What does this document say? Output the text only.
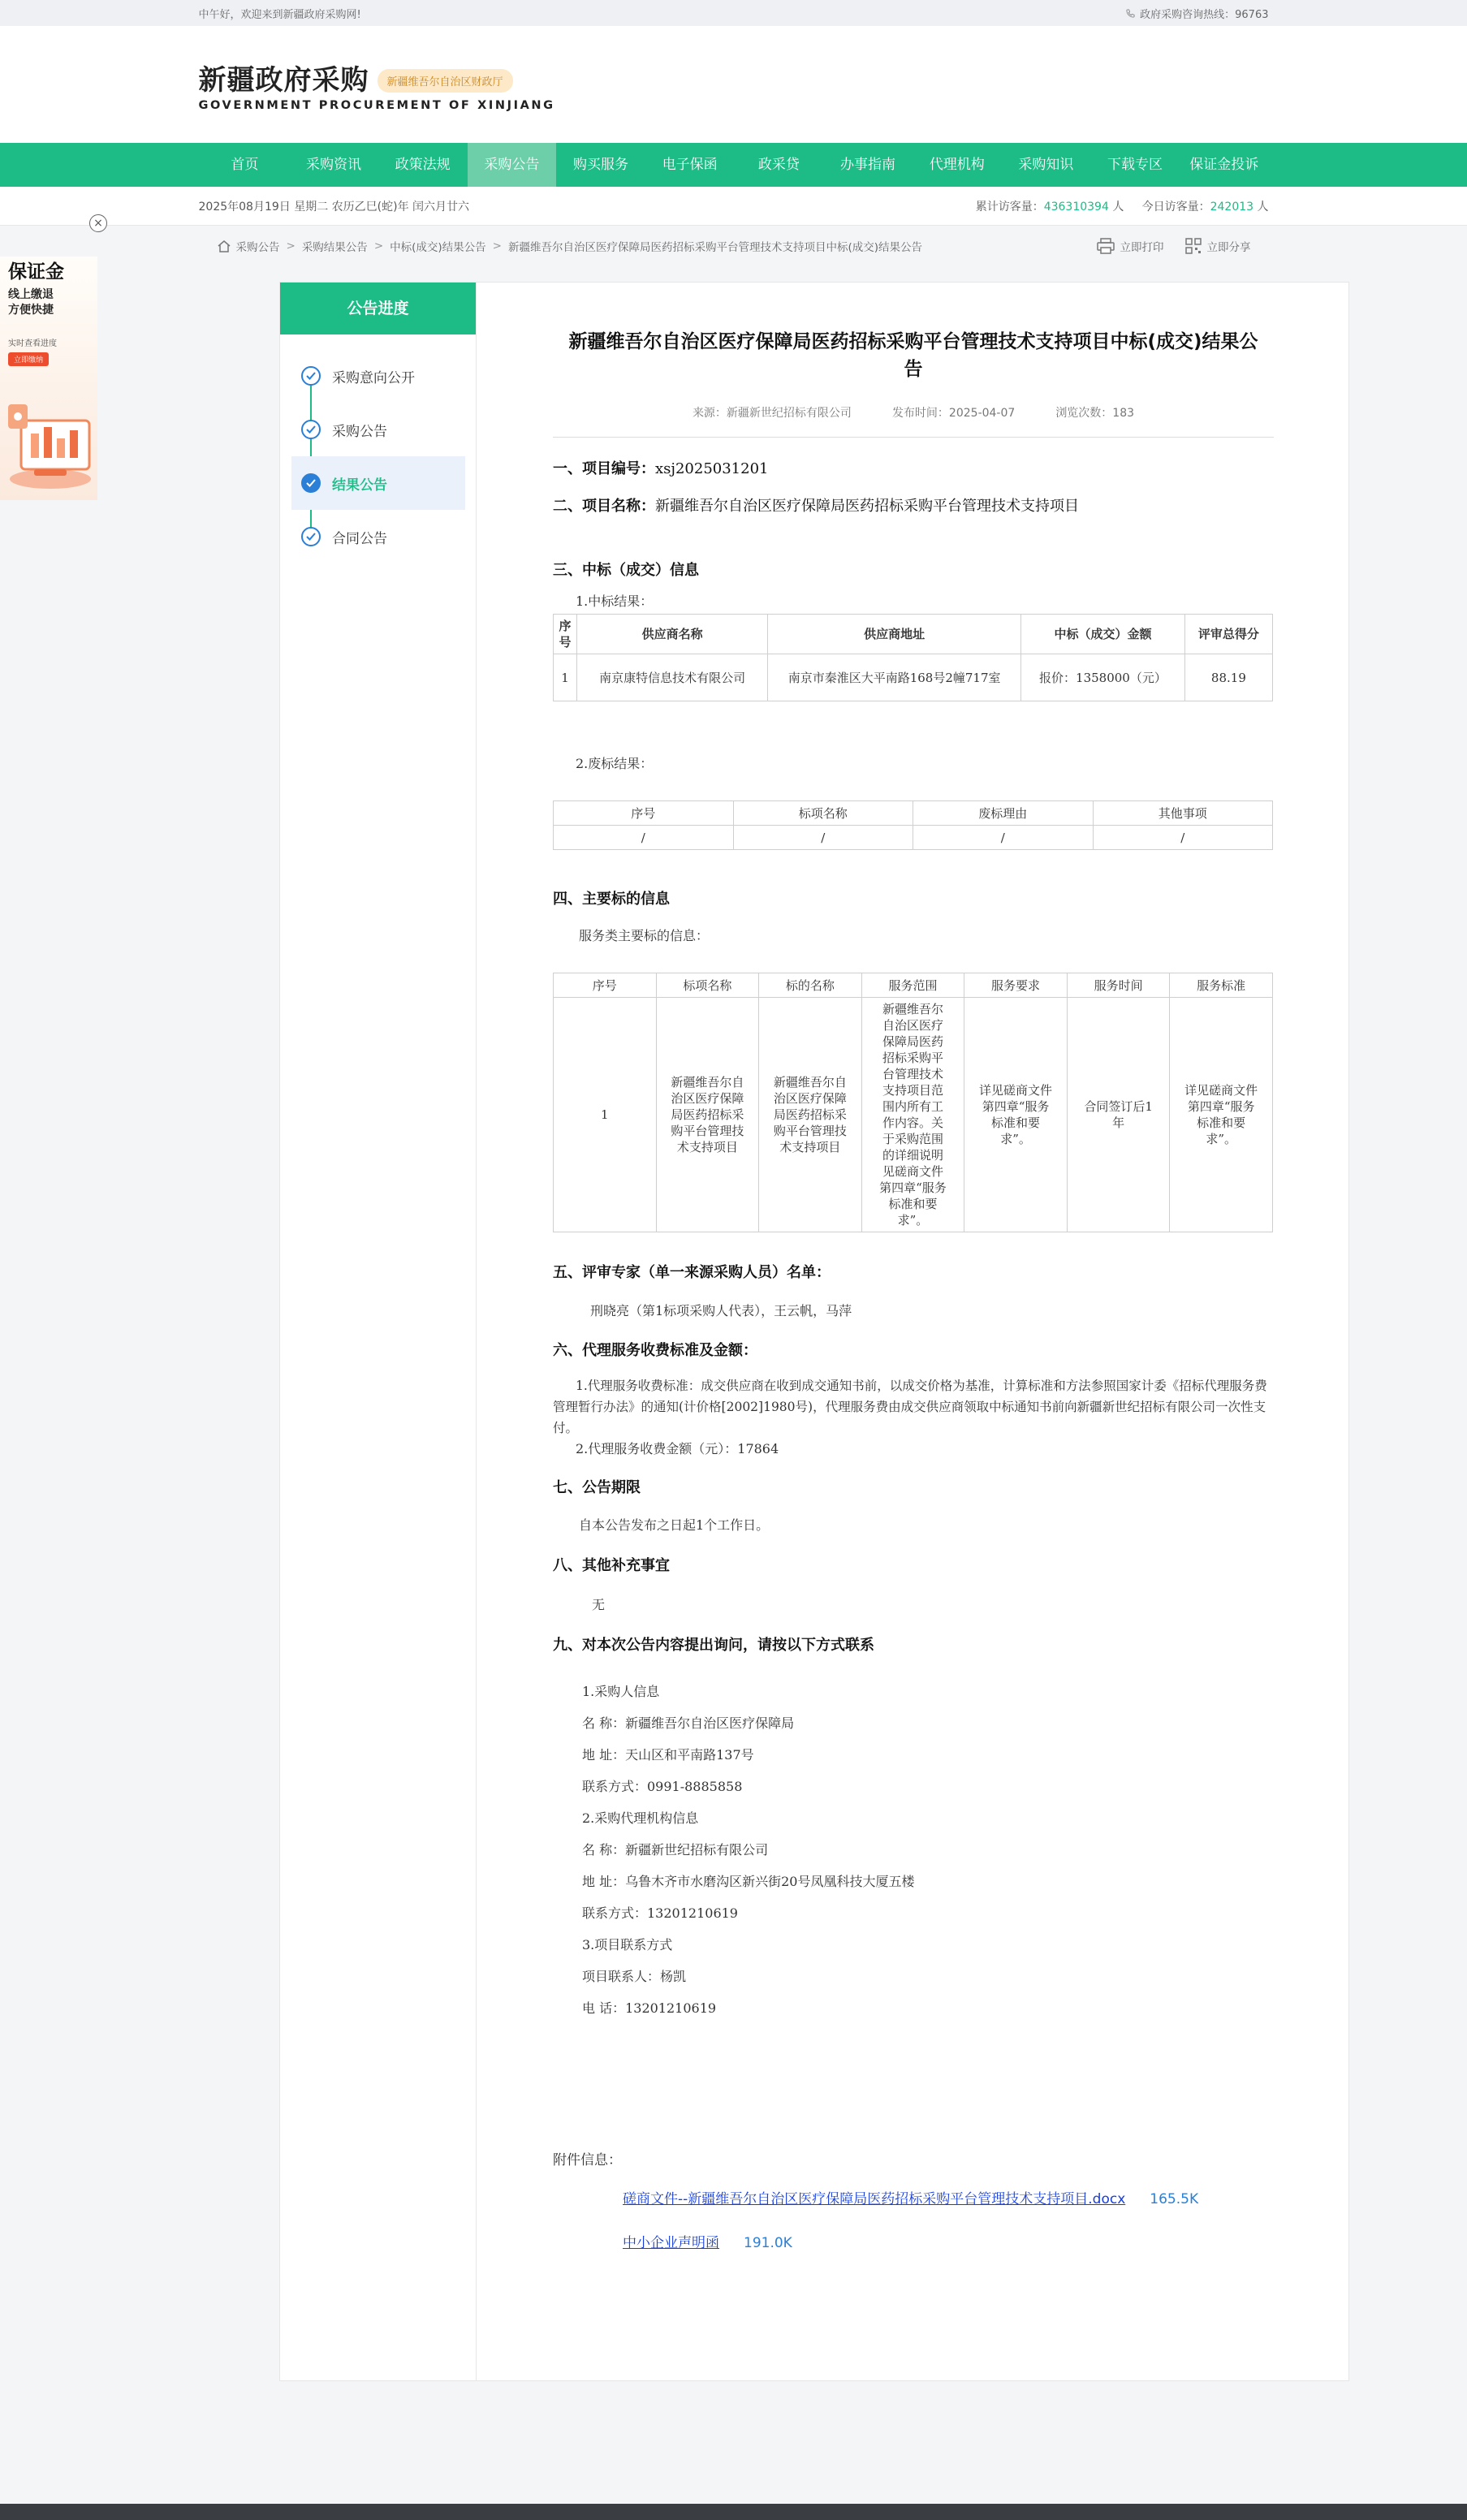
中午好，欢迎来到新疆政府采购网!	政府采购咨询热线：96763
新疆政府采购 新疆维吾尔自治区财政厅
GOVERNMENT PROCUREMENT OF XINJIANG
首页	采购资讯	政策法规	采购公告	购买服务	电子保函	政采贷	办事指南	代理机构	采购知识	下载专区	保证金投诉
2025年08月19日 星期二 农历乙巳(蛇)年 闰六月廿六	累计访客量：436310394 人 今日访客量：242013 人
采购公告 > 采购结果公告 > 中标(成交)结果公告 > 新疆维吾尔自治区医疗保障局医药招标采购平台管理技术支持项目中标(成交)结果公告	立即打印	立即分享
公告进度
采购意向公开
采购公告
结果公告
合同公告
新疆维吾尔自治区医疗保障局医药招标采购平台管理技术支持项目中标(成交)结果公告
来源：新疆新世纪招标有限公司	发布时间：2025-04-07	浏览次数：183
一、项目编号：xsj2025031201
二、项目名称：新疆维吾尔自治区医疗保障局医药招标采购平台管理技术支持项目
三、中标（成交）信息
1.中标结果：
序号	供应商名称	供应商地址	中标（成交）金额	评审总得分
1	南京康特信息技术有限公司	南京市秦淮区大平南路168号2幢717室	报价：1358000（元）	88.19
2.废标结果：
序号	标项名称	废标理由	其他事项
/	/	/	/
四、主要标的信息
服务类主要标的信息：
序号	标项名称	标的名称	服务范围	服务要求	服务时间	服务标准
1	新疆维吾尔自治区医疗保障局医药招标采购平台管理技术支持项目	新疆维吾尔自治区医疗保障局医药招标采购平台管理技术支持项目	新疆维吾尔自治区医疗保障局医药招标采购平台管理技术支持项目范围内所有工作内容。关于采购范围的详细说明见磋商文件第四章“服务标准和要求”。	详见磋商文件第四章“服务标准和要求”。	合同签订后1年	详见磋商文件第四章“服务标准和要求”。
五、评审专家（单一来源采购人员）名单：
刑晓亮（第1标项采购人代表），王云帆，马萍
六、代理服务收费标准及金额：
1.代理服务收费标准：成交供应商在收到成交通知书前，以成交价格为基准，计算标准和方法参照国家计委《招标代理服务费管理暂行办法》的通知(计价格[2002]1980号)，代理服务费由成交供应商领取中标通知书前向新疆新世纪招标有限公司一次性支付。
2.代理服务收费金额（元）：17864
七、公告期限
自本公告发布之日起1个工作日。
八、其他补充事宜
无
九、对本次公告内容提出询问，请按以下方式联系
1.采购人信息
名 称：新疆维吾尔自治区医疗保障局
地 址：天山区和平南路137号
联系方式：0991-8885858
2.采购代理机构信息
名 称：新疆新世纪招标有限公司
地 址：乌鲁木齐市水磨沟区新兴街20号凤凰科技大厦五楼
联系方式：13201210619
3.项目联系方式
项目联系人：杨凯
电 话：13201210619
附件信息：
磋商文件--新疆维吾尔自治区医疗保障局医药招标采购平台管理技术支持项目.docx 165.5K
中小企业声明函 191.0K
保证金
线上缴退
方便快捷
实时查看进度
立即缴纳
×
